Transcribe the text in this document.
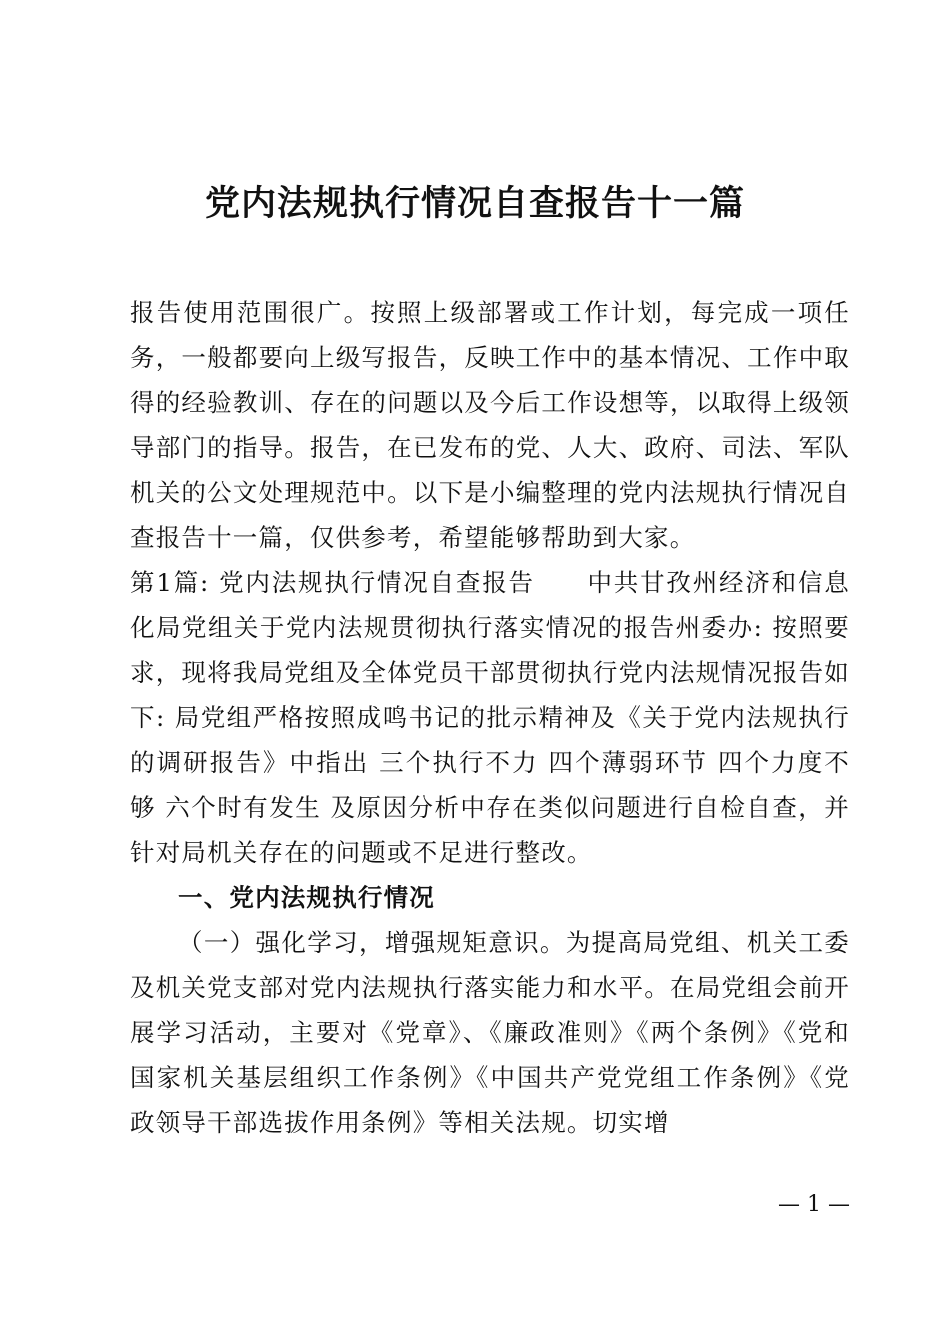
党内法规执行情况自查报告十一篇

报告使用范围很广。按照上级部署或工作计划，每完成一项任务，一般都要向上级写报告，反映工作中的基本情况、工作中取得的经验教训、存在的问题以及今后工作设想等，以取得上级领导部门的指导。报告，在已发布的党、人大、政府、司法、军队机关的公文处理规范中。以下是小编整理的党内法规执行情况自查报告十一篇，仅供参考，希望能够帮助到大家。

第1篇: 党内法规执行情况自查报告　　中共甘孜州经济和信息化局党组关于党内法规贯彻执行落实情况的报告州委办: 按照要求，现将我局党组及全体党员干部贯彻执行党内法规情况报告如下: 局党组严格按照成鸣书记的批示精神及《关于党内法规执行的调研报告》中指出 三个执行不力 四个薄弱环节 四个力度不够 六个时有发生 及原因分析中存在类似问题进行自检自查，并针对局机关存在的问题或不足进行整改。

一、党内法规执行情况

（一）强化学习，增强规矩意识。为提高局党组、机关工委及机关党支部对党内法规执行落实能力和水平。在局党组会前开展学习活动，主要对《党章》、《廉政准则》《两个条例》《党和国家机关基层组织工作条例》《中国共产党党组工作条例》《党政领导干部选拔作用条例》等相关法规。切实增

— 1 —
